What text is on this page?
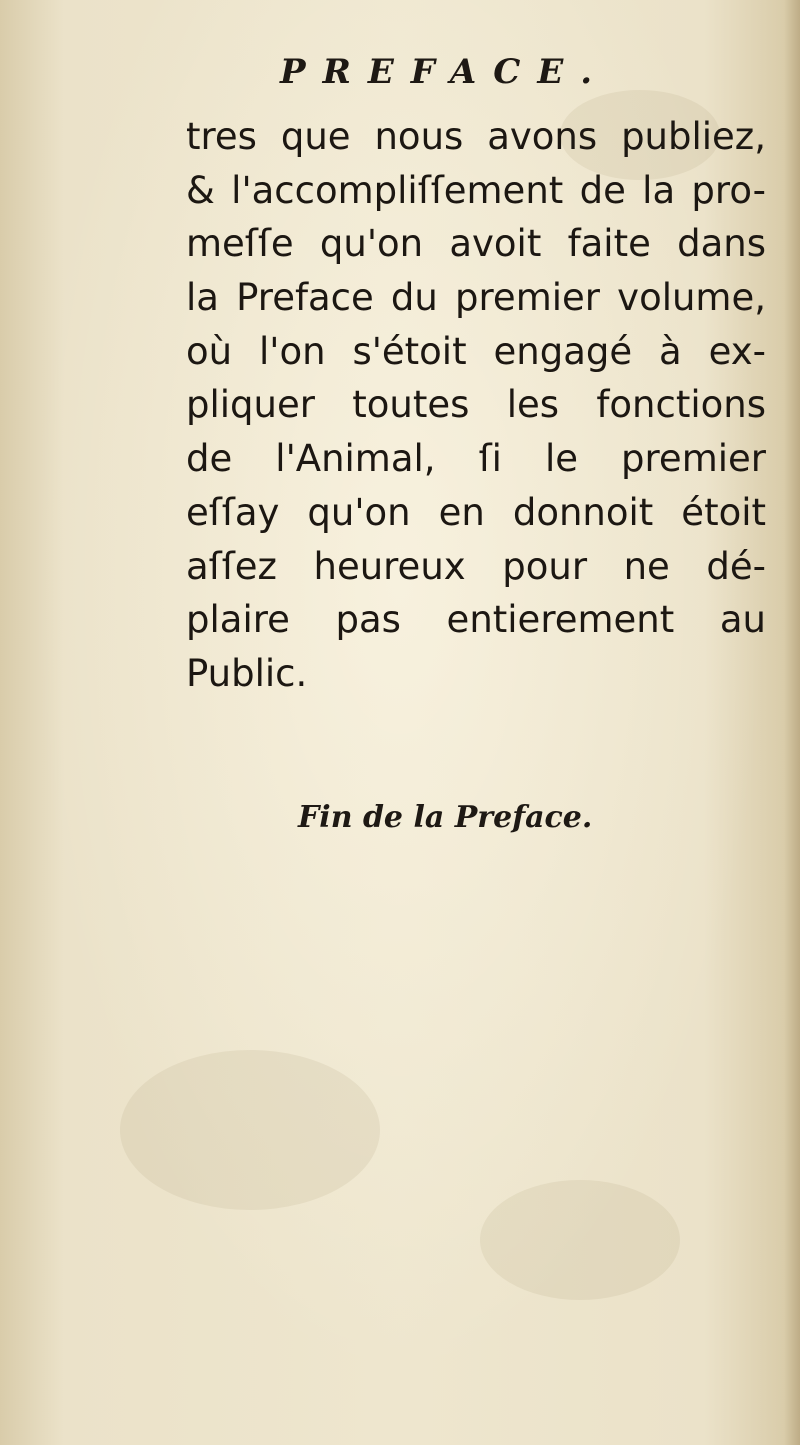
PREFACE.
tres que nous avons publiez,
& l'accompliſſement de la pro-
meſſe qu'on avoit faite dans
la Preface du premier volume,
où l'on s'étoit engagé à ex-
pliquer toutes les fonctions
de l'Animal, ſi le premier
eſſay qu'on en donnoit étoit
aſſez heureux pour ne dé-
plaire pas entierement au
Public.
Fin de la Preface.
